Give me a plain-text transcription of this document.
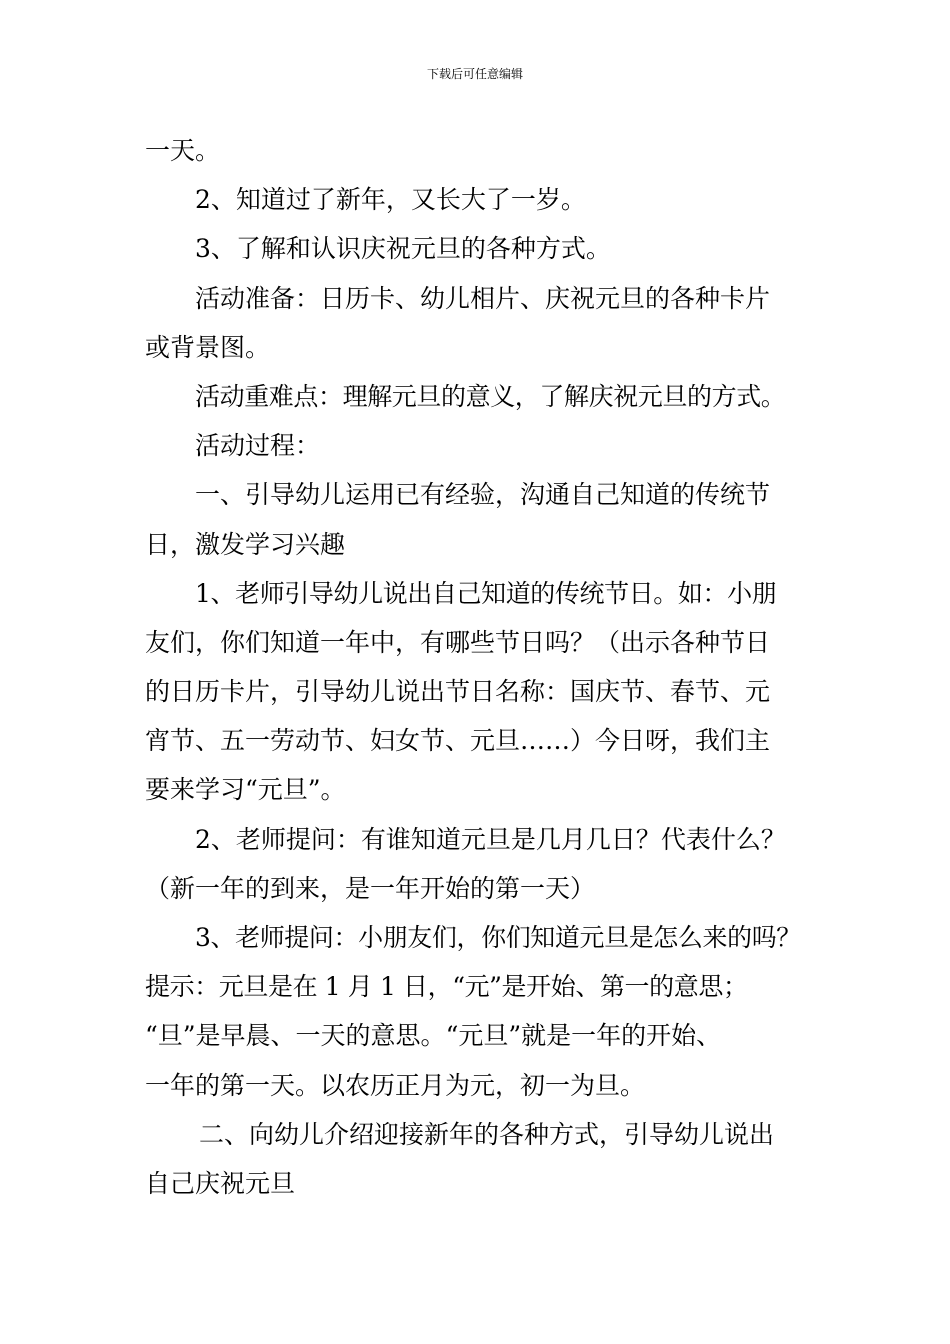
下载后可任意编辑
一天。
2、知道过了新年，又长大了一岁。
3、了解和认识庆祝元旦的各种方式。
活动准备：日历卡、幼儿相片、庆祝元旦的各种卡片
或背景图。
活动重难点：理解元旦的意义，了解庆祝元旦的方式。
活动过程：
一、引导幼儿运用已有经验，沟通自己知道的传统节
日，激发学习兴趣
1、老师引导幼儿说出自己知道的传统节日。如：小朋
友们，你们知道一年中，有哪些节日吗？（出示各种节日
的日历卡片，引导幼儿说出节日名称：国庆节、春节、元
宵节、五一劳动节、妇女节、元旦……）今日呀，我们主
要来学习“元旦”。
2、老师提问：有谁知道元旦是几月几日？代表什么？
（新一年的到来，是一年开始的第一天）
3、老师提问：小朋友们，你们知道元旦是怎么来的吗？
提示：元旦是在 1 月 1 日，“元”是开始、第一的意思；
“旦”是早晨、一天的意思。“元旦”就是一年的开始、
一年的第一天。以农历正月为元，初一为旦。
二、向幼儿介绍迎接新年的各种方式，引导幼儿说出
自己庆祝元旦
